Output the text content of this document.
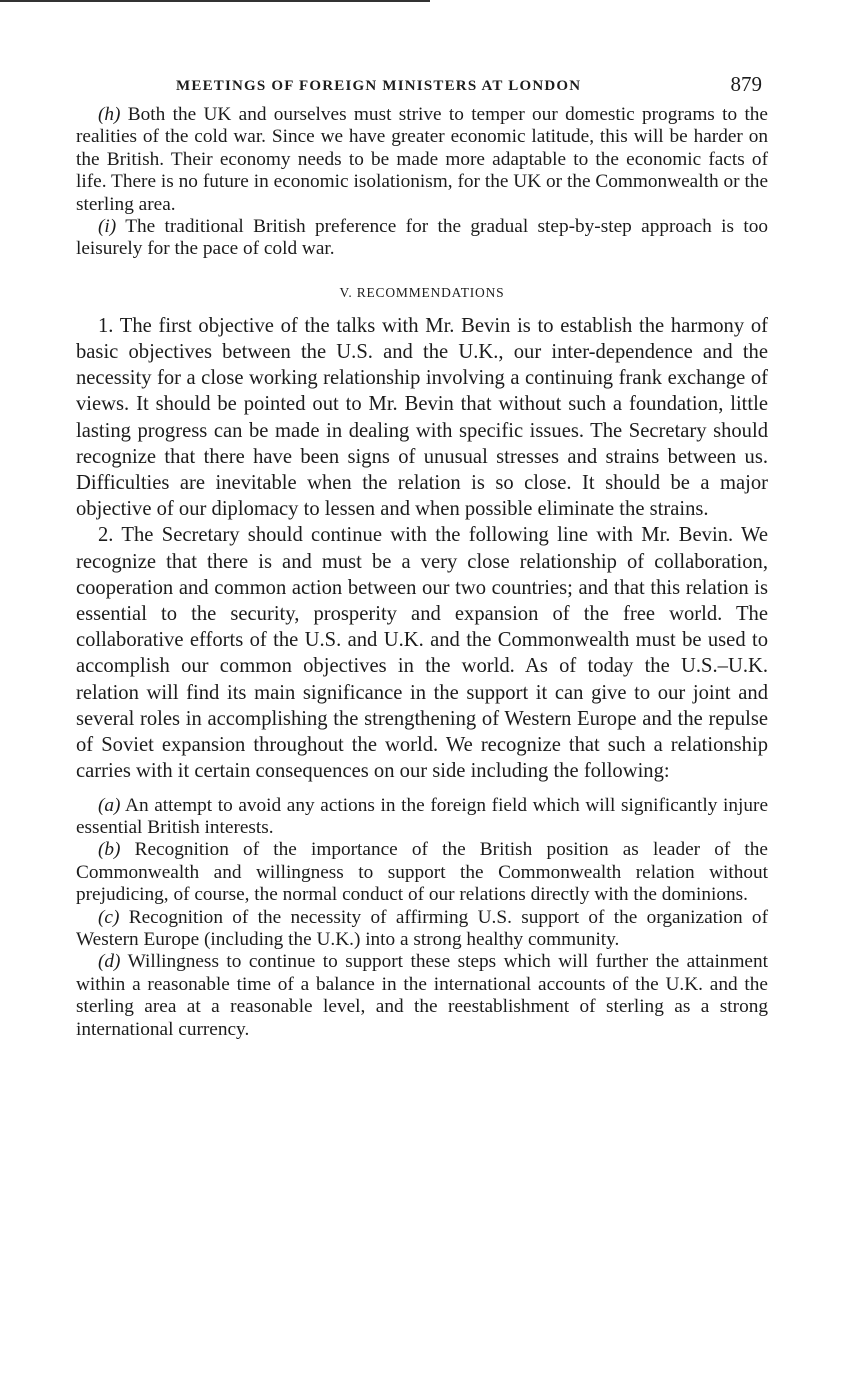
MEETINGS OF FOREIGN MINISTERS AT LONDON	879

(h) Both the UK and ourselves must strive to temper our domestic programs to the realities of the cold war. Since we have greater economic latitude, this will be harder on the British. Their economy needs to be made more adaptable to the economic facts of life. There is no future in economic isolationism, for the UK or the Commonwealth or the sterling area.

(i) The traditional British preference for the gradual step-by-step approach is too leisurely for the pace of cold war.

V. RECOMMENDATIONS

1. The first objective of the talks with Mr. Bevin is to establish the harmony of basic objectives between the U.S. and the U.K., our inter-dependence and the necessity for a close working relationship involving a continuing frank exchange of views. It should be pointed out to Mr. Bevin that without such a foundation, little lasting progress can be made in dealing with specific issues. The Secretary should recognize that there have been signs of unusual stresses and strains between us. Difficulties are inevitable when the relation is so close. It should be a major objective of our diplomacy to lessen and when possible eliminate the strains.

2. The Secretary should continue with the following line with Mr. Bevin. We recognize that there is and must be a very close relationship of collaboration, cooperation and common action between our two countries; and that this relation is essential to the security, prosperity and expansion of the free world. The collaborative efforts of the U.S. and U.K. and the Commonwealth must be used to accomplish our common objectives in the world. As of today the U.S.–U.K. relation will find its main significance in the support it can give to our joint and several roles in accomplishing the strengthening of Western Europe and the repulse of Soviet expansion throughout the world. We recognize that such a relationship carries with it certain consequences on our side including the following:

(a) An attempt to avoid any actions in the foreign field which will significantly injure essential British interests.

(b) Recognition of the importance of the British position as leader of the Commonwealth and willingness to support the Commonwealth relation without prejudicing, of course, the normal conduct of our relations directly with the dominions.

(c) Recognition of the necessity of affirming U.S. support of the organization of Western Europe (including the U.K.) into a strong healthy community.

(d) Willingness to continue to support these steps which will further the attainment within a reasonable time of a balance in the international accounts of the U.K. and the sterling area at a reasonable level, and the reestablishment of sterling as a strong international currency.
